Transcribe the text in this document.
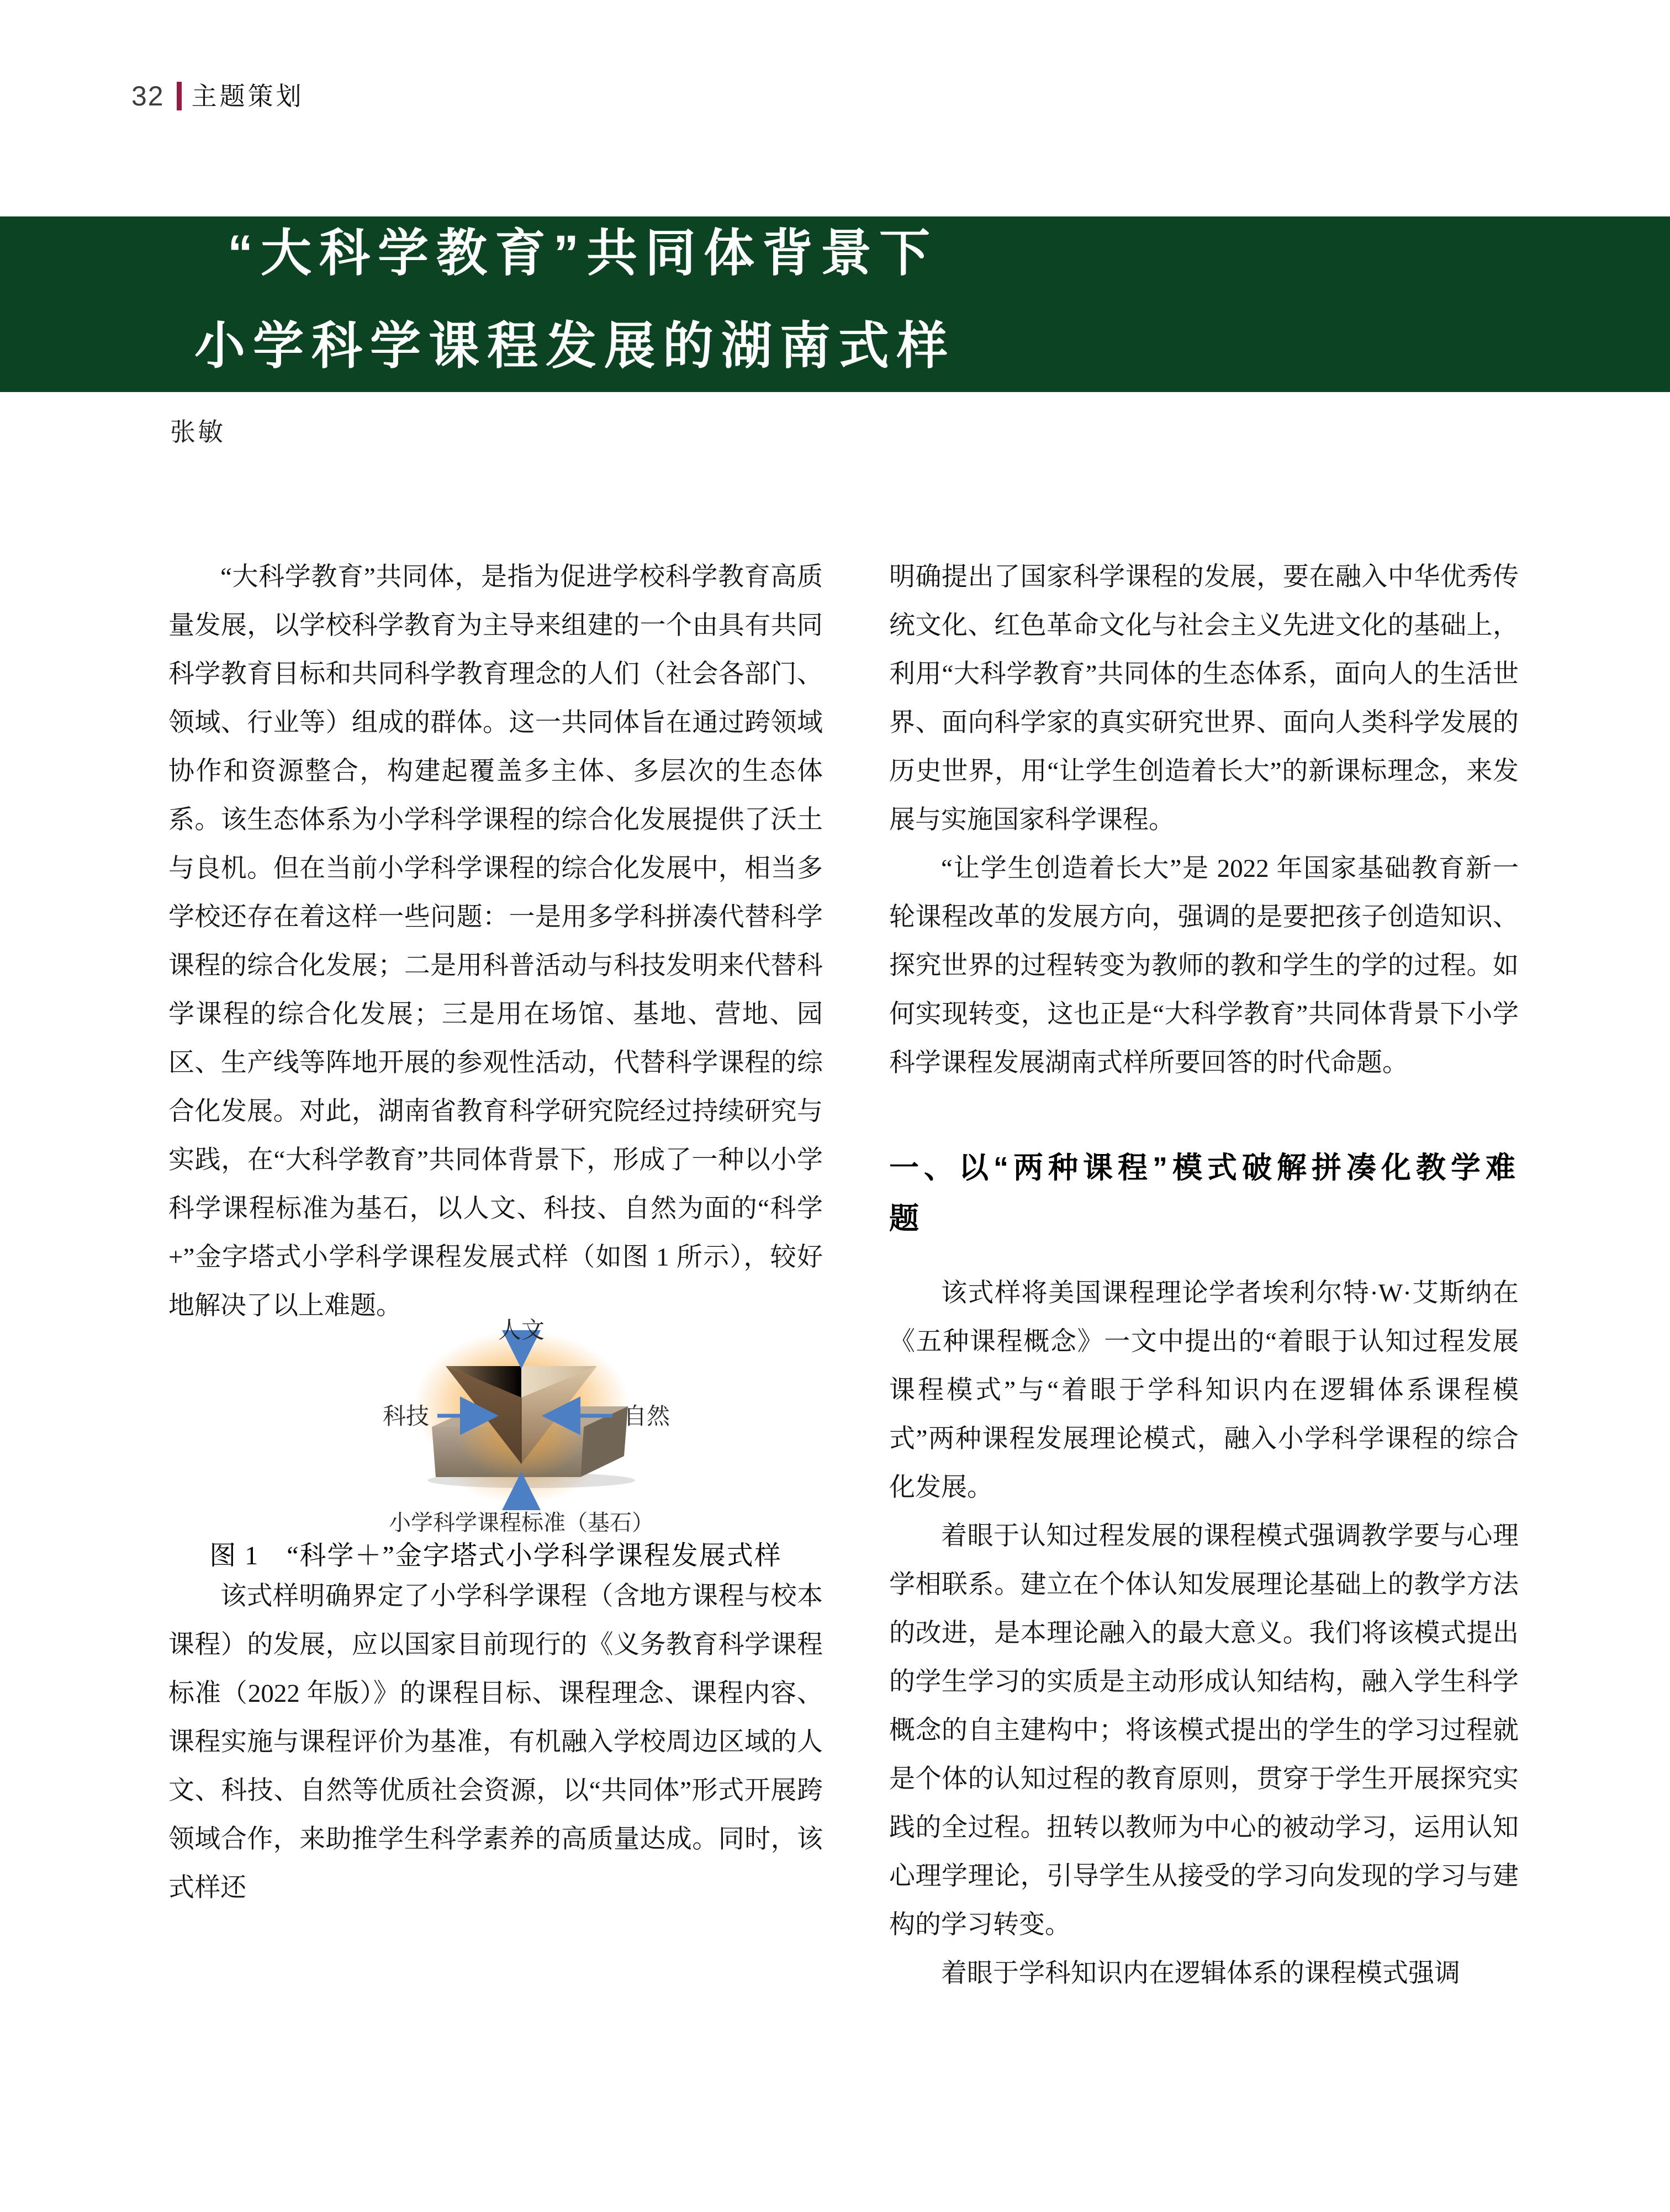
32 主题策划
“大科学教育”共同体背景下
小学科学课程发展的湖南式样
张敏

“大科学教育”共同体，是指为促进学校科学教育高质量发展，以学校科学教育为主导来组建的一个由具有共同科学教育目标和共同科学教育理念的人们（社会各部门、领域、行业等）组成的群体。这一共同体旨在通过跨领域协作和资源整合，构建起覆盖多主体、多层次的生态体系。该生态体系为小学科学课程的综合化发展提供了沃土与良机。但在当前小学科学课程的综合化发展中，相当多学校还存在着这样一些问题：一是用多学科拼凑代替科学课程的综合化发展；二是用科普活动与科技发明来代替科学课程的综合化发展；三是用在场馆、基地、营地、园区、生产线等阵地开展的参观性活动，代替科学课程的综合化发展。对此，湖南省教育科学研究院经过持续研究与实践，在“大科学教育”共同体背景下，形成了一种以小学科学课程标准为基石，以人文、科技、自然为面的“科学 +”金字塔式小学科学课程发展式样（如图 1 所示），较好地解决了以上难题。

人文
科技	自然
小学科学课程标准（基石）

图 1　“科学＋”金字塔式小学科学课程发展式样

该式样明确界定了小学科学课程（含地方课程与校本课程）的发展，应以国家目前现行的《义务教育科学课程标准（2022 年版）》的课程目标、课程理念、课程内容、课程实施与课程评价为基准，有机融入学校周边区域的人文、科技、自然等优质社会资源，以“共同体”形式开展跨领域合作，来助推学生科学素养的高质量达成。同时，该式样还

明确提出了国家科学课程的发展，要在融入中华优秀传统文化、红色革命文化与社会主义先进文化的基础上，利用“大科学教育”共同体的生态体系，面向人的生活世界、面向科学家的真实研究世界、面向人类科学发展的历史世界，用“让学生创造着长大”的新课标理念，来发展与实施国家科学课程。

“让学生创造着长大”是 2022 年国家基础教育新一轮课程改革的发展方向，强调的是要把孩子创造知识、探究世界的过程转变为教师的教和学生的学的过程。如何实现转变，这也正是“大科学教育”共同体背景下小学科学课程发展湖南式样所要回答的时代命题。

一、以“两种课程”模式破解拼凑化教学难题

该式样将美国课程理论学者埃利尔特·W·艾斯纳在《五种课程概念》一文中提出的“着眼于认知过程发展课程模式”与“着眼于学科知识内在逻辑体系课程模式”两种课程发展理论模式，融入小学科学课程的综合化发展。

着眼于认知过程发展的课程模式强调教学要与心理学相联系。建立在个体认知发展理论基础上的教学方法的改进，是本理论融入的最大意义。我们将该模式提出的学生学习的实质是主动形成认知结构，融入学生科学概念的自主建构中；将该模式提出的学生的学习过程就是个体的认知过程的教育原则，贯穿于学生开展探究实践的全过程。扭转以教师为中心的被动学习，运用认知心理学理论，引导学生从接受的学习向发现的学习与建构的学习转变。

着眼于学科知识内在逻辑体系的课程模式强调
